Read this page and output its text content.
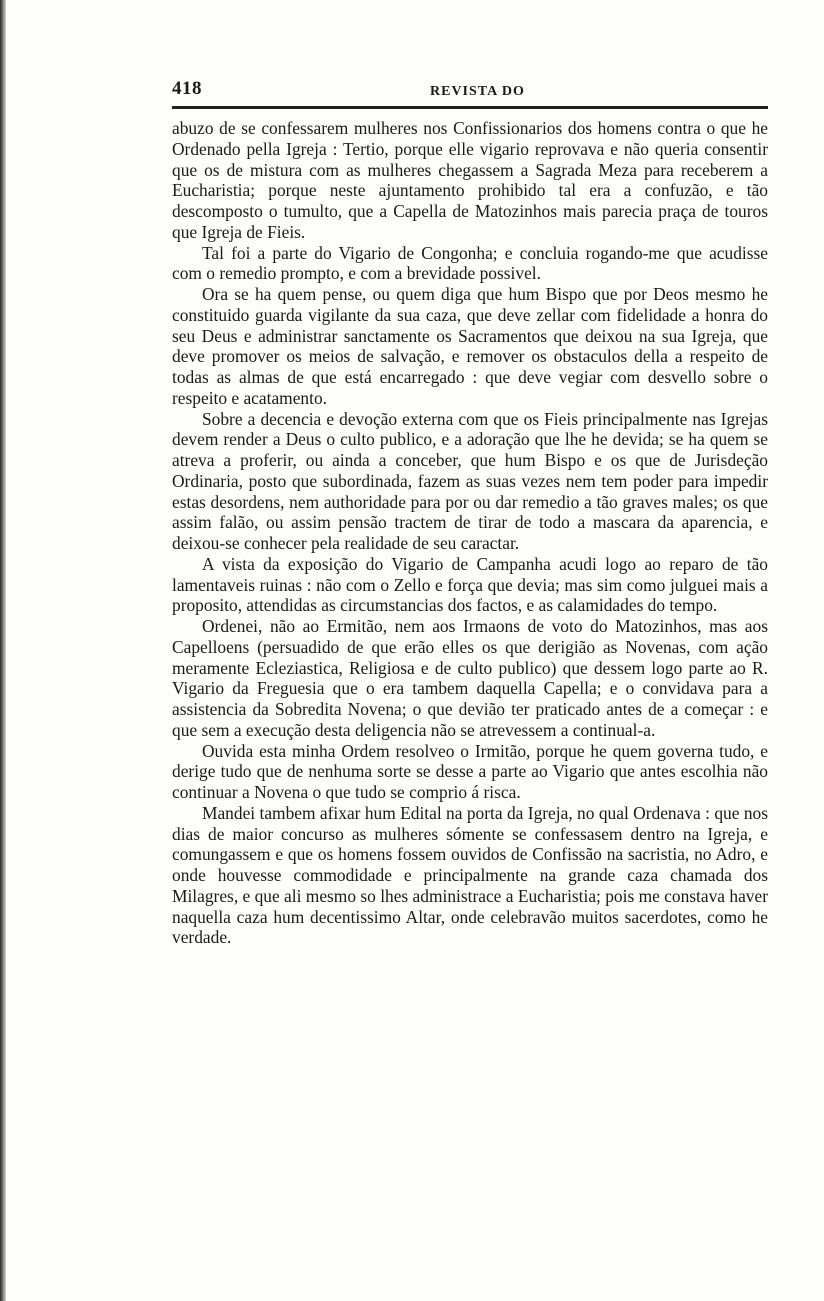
418	REVISTA DO

abuzo de se confessarem mulheres nos Confissionarios dos homens contra o que he Ordenado pella Igreja : Tertio, porque elle vigario reprovava e não queria consentir que os de mistura com as mulheres chegassem a Sagrada Meza para receberem a Eucharistia; porque neste ajuntamento prohibido tal era a confuzão, e tão descomposto o tumulto, que a Capella de Matozinhos mais parecia praça de touros que Igreja de Fieis.

Tal foi a parte do Vigario de Congonha; e concluia rogando-me que acudisse com o remedio prompto, e com a brevidade possivel.

Ora se ha quem pense, ou quem diga que hum Bispo que por Deos mesmo he constituido guarda vigilante da sua caza, que deve zellar com fidelidade a honra do seu Deus e administrar sanctamente os Sacramentos que deixou na sua Igreja, que deve promover os meios de salvação, e remover os obstaculos della a respeito de todas as almas de que está encarregado : que deve vegiar com desvello sobre o respeito e acatamento.

Sobre a decencia e devoção externa com que os Fieis principalmente nas Igrejas devem render a Deus o culto publico, e a adoração que lhe he devida; se ha quem se atreva a proferir, ou ainda a conceber, que hum Bispo e os que de Jurisdeção Ordinaria, posto que subordinada, fazem as suas vezes nem tem poder para impedir estas desordens, nem authoridade para por ou dar remedio a tão graves males; os que assim falão, ou assim pensão tractem de tirar de todo a mascara da aparencia, e deixou-se conhecer pela realidade de seu caractar.

A vista da exposição do Vigario de Campanha acudi logo ao reparo de tão lamentaveis ruinas : não com o Zello e força que devia; mas sim como julguei mais a proposito, attendidas as circumstancias dos factos, e as calamidades do tempo.

Ordenei, não ao Ermitão, nem aos Irmaons de voto do Matozinhos, mas aos Capelloens (persuadido de que erão elles os que derigião as Novenas, com ação meramente Ecleziastica, Religiosa e de culto publico) que dessem logo parte ao R. Vigario da Freguesia que o era tambem daquella Capella; e o convidava para a assistencia da Sobredita Novena; o que devião ter praticado antes de a começar : e que sem a execução desta deligencia não se atrevessem a continual-a.

Ouvida esta minha Ordem resolveo o Irmitão, porque he quem governa tudo, e derige tudo que de nenhuma sorte se desse a parte ao Vigario que antes escolhia não continuar a Novena o que tudo se comprio á risca.

Mandei tambem afixar hum Edital na porta da Igreja, no qual Ordenava : que nos dias de maior concurso as mulheres sómente se confessasem dentro na Igreja, e comungassem e que os homens fossem ouvidos de Confissão na sacristia, no Adro, e onde houvesse commodidade e principalmente na grande caza chamada dos Milagres, e que ali mesmo so lhes administrace a Eucharistia; pois me constava haver naquella caza hum decentissimo Altar, onde celebravão muitos sacerdotes, como he verdade.
